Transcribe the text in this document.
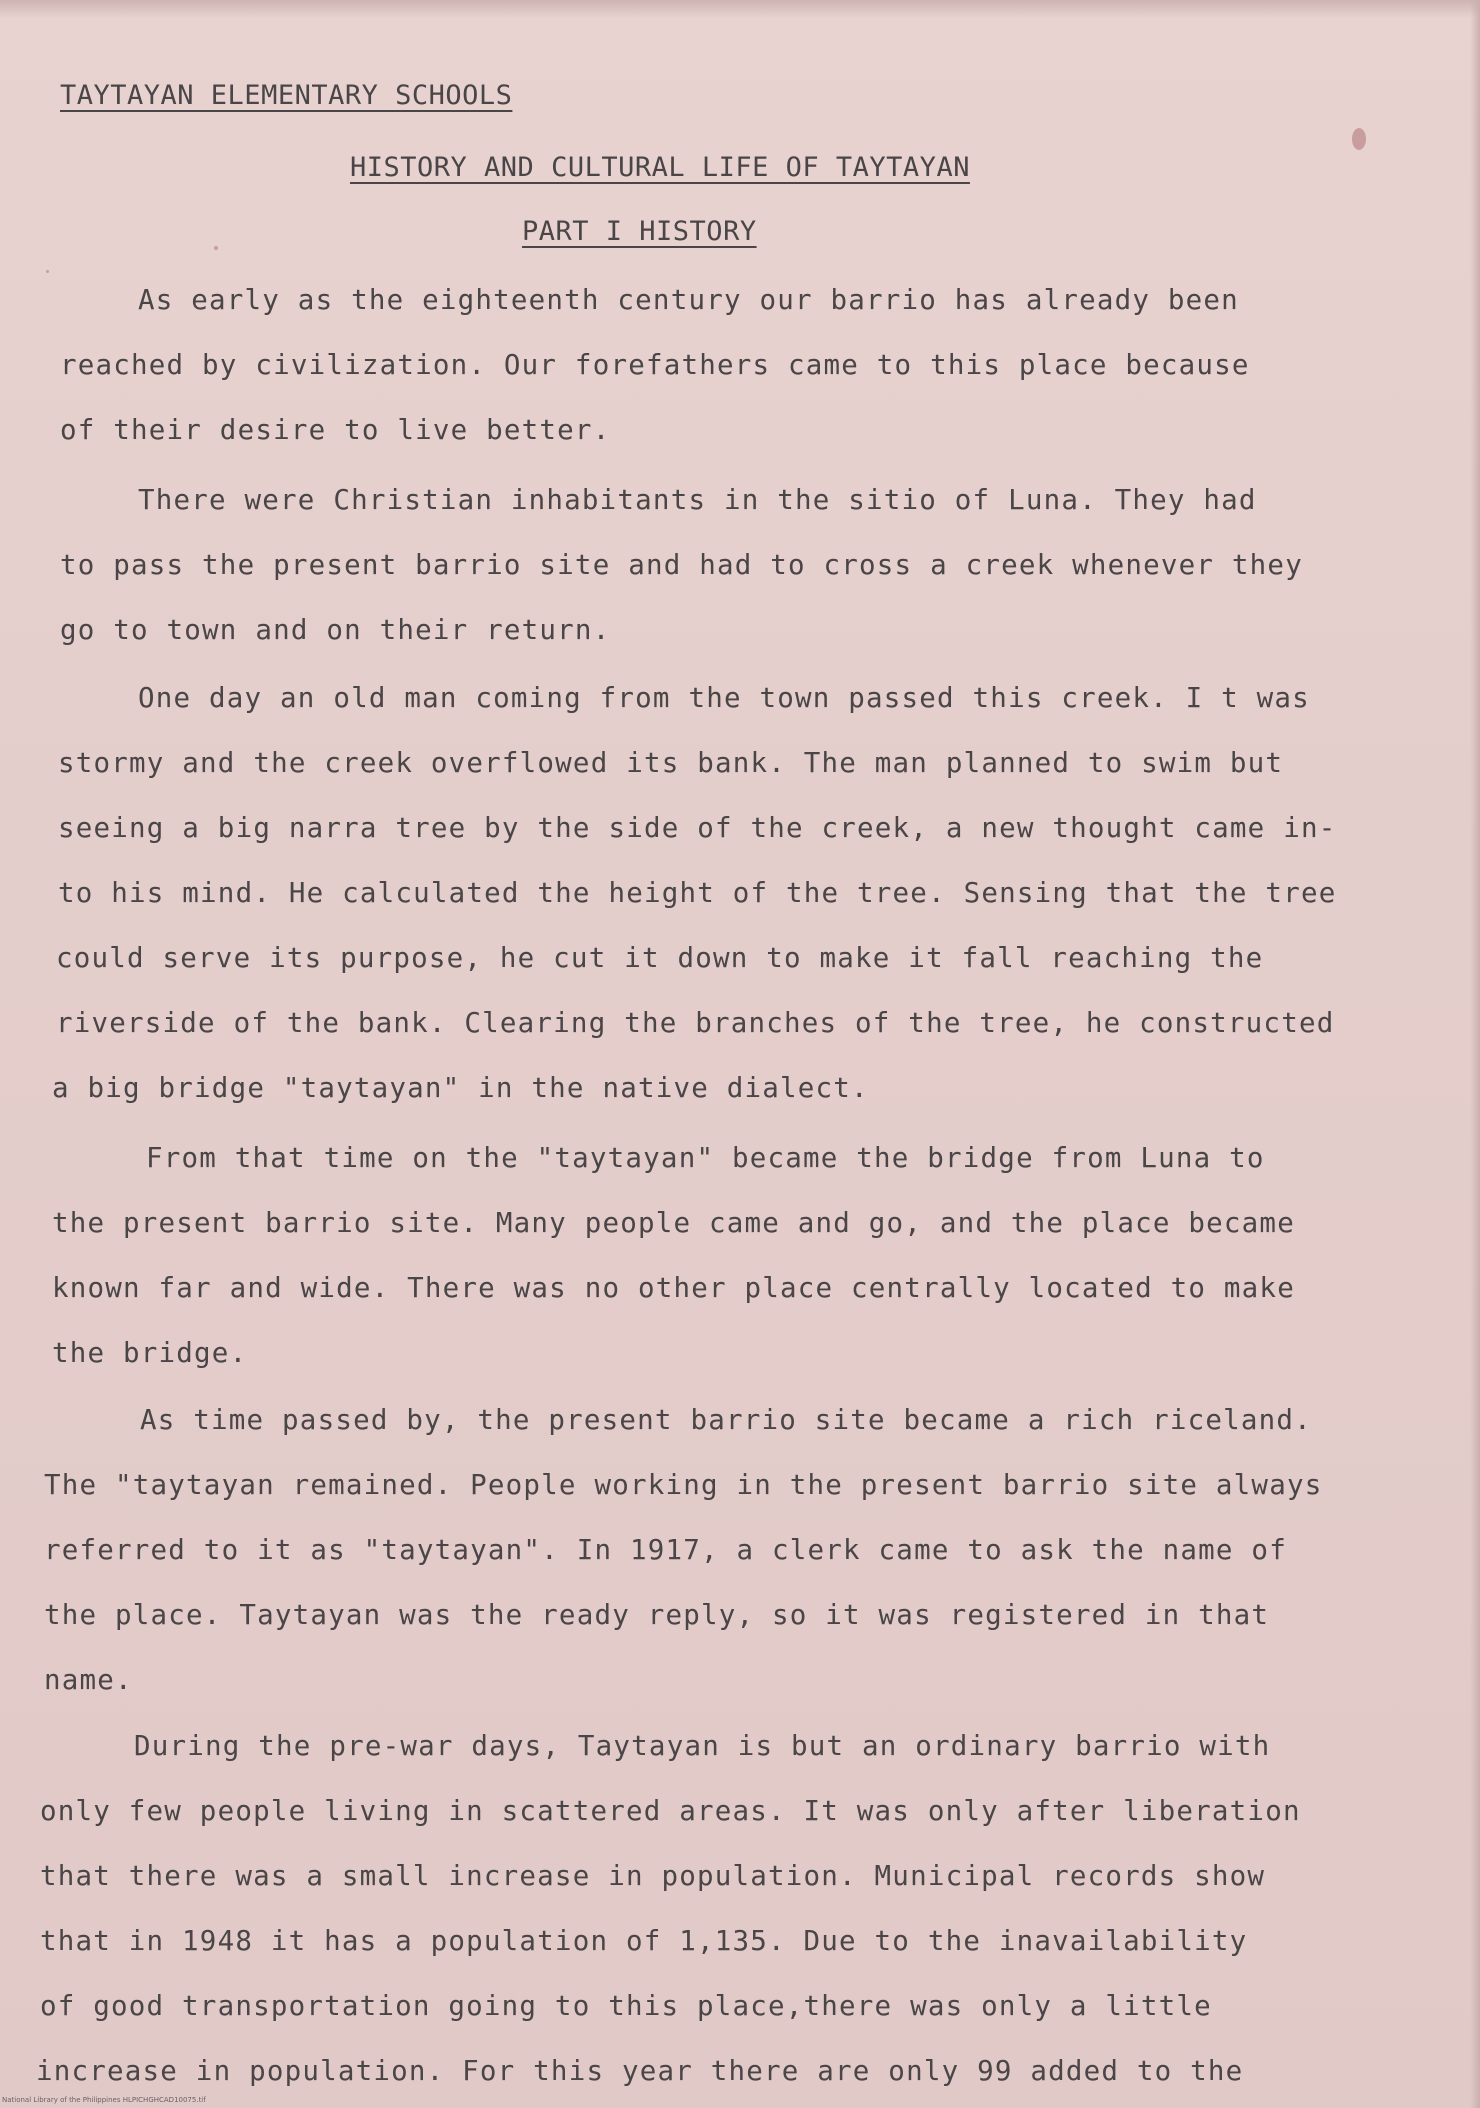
TAYTAYAN ELEMENTARY SCHOOLS
HISTORY AND CULTURAL LIFE OF TAYTAYAN
PART I HISTORY
As early as the eighteenth century our barrio has already been
reached by civilization. Our forefathers came to this place because
of their desire to live better.
There were Christian inhabitants in the sitio of Luna. They had
to pass the present barrio site and had to cross a creek whenever they
go to town and on their return.
One day an old man coming from the town passed this creek. I t was
stormy and the creek overflowed its bank. The man planned to swim but
seeing a big narra tree by the side of the creek, a new thought came in-
to his mind. He calculated the height of the tree. Sensing that the tree
could serve its purpose, he cut it down to make it fall reaching the
riverside of the bank. Clearing the branches of the tree, he constructed
a big bridge "taytayan" in the native dialect.
From that time on the "taytayan" became the bridge from Luna to
the present barrio site. Many people came and go, and the place became
known far and wide. There was no other place centrally located to make
the bridge.
As time passed by, the present barrio site became a rich riceland.
The "taytayan remained. People working in the present barrio site always
referred to it as "taytayan". In 1917, a clerk came to ask the name of
the place. Taytayan was the ready reply, so it was registered in that
name.
During the pre-war days, Taytayan is but an ordinary barrio with
only few people living in scattered areas. It was only after liberation
that there was a small increase in population. Municipal records show
that in 1948 it has a population of 1,135. Due to the inavailability
of good transportation going to this place,there was only a little
increase in population. For this year there are only 99 added to the
National Library of the Philippines HLPICHGHCAD10075.tif
